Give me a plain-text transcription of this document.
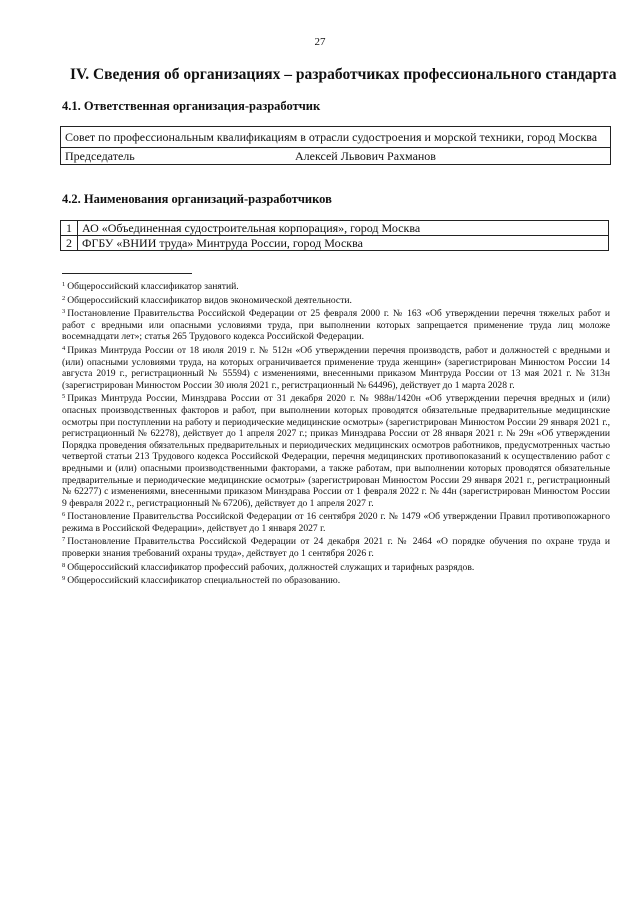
27
IV. Сведения об организациях – разработчиках профессионального стандарта
4.1. Ответственная организация-разработчик
Совет по профессиональным квалификациям в отрасли судостроения и морской техники, город Москва
Председатель	Алексей Львович Рахманов
4.2. Наименования организаций-разработчиков
1	АО «Объединенная судостроительная корпорация», город Москва
2	ФГБУ «ВНИИ труда» Минтруда России, город Москва

$^1$ Общероссийский классификатор занятий.

$^2$ Общероссийский классификатор видов экономической деятельности.

$^3$ Постановление Правительства Российской Федерации от 25 февраля 2000 г. № 163 «Об утверждении перечня тяжелых работ и работ с вредными или опасными условиями труда, при выполнении которых запрещается применение труда лиц моложе восемнадцати лет»; статья 265 Трудового кодекса Российской Федерации.

$^4$ Приказ Минтруда России от 18 июля 2019 г. № 512н «Об утверждении перечня производств, работ и должностей с вредными и (или) опасными условиями труда, на которых ограничивается применение труда женщин» (зарегистрирован Минюстом России 14 августа 2019 г., регистрационный № 55594) с изменениями, внесенными приказом Минтруда России от 13 мая 2021 г. № 313н (зарегистрирован Минюстом России 30 июля 2021 г., регистрационный № 64496), действует до 1 марта 2028 г.

$^5$ Приказ Минтруда России, Минздрава России от 31 декабря 2020 г. № 988н/1420н «Об утверждении перечня вредных и (или) опасных производственных факторов и работ, при выполнении которых проводятся обязательные предварительные медицинские осмотры при поступлении на работу и периодические медицинские осмотры» (зарегистрирован Минюстом России 29 января 2021 г., регистрационный № 62278), действует до 1 апреля 2027 г.; приказ Минздрава России от 28 января 2021 г. № 29н «Об утверждении Порядка проведения обязательных предварительных и периодических медицинских осмотров работников, предусмотренных частью четвертой статьи 213 Трудового кодекса Российской Федерации, перечня медицинских противопоказаний к осуществлению работ с вредными и (или) опасными производственными факторами, а также работам, при выполнении которых проводятся обязательные предварительные и периодические медицинские осмотры» (зарегистрирован Минюстом России 29 января 2021 г., регистрационный № 62277) с изменениями, внесенными приказом Минздрава России от 1 февраля 2022 г. № 44н (зарегистрирован Минюстом России 9 февраля 2022 г., регистрационный № 67206), действует до 1 апреля 2027 г.

$^6$ Постановление Правительства Российской Федерации от 16 сентября 2020 г. № 1479 «Об утверждении Правил противопожарного режима в Российской Федерации», действует до 1 января 2027 г.

$^7$ Постановление Правительства Российской Федерации от 24 декабря 2021 г. № 2464 «О порядке обучения по охране труда и проверки знания требований охраны труда», действует до 1 сентября 2026 г.

$^8$ Общероссийский классификатор профессий рабочих, должностей служащих и тарифных разрядов.

$^9$ Общероссийский классификатор специальностей по образованию.
